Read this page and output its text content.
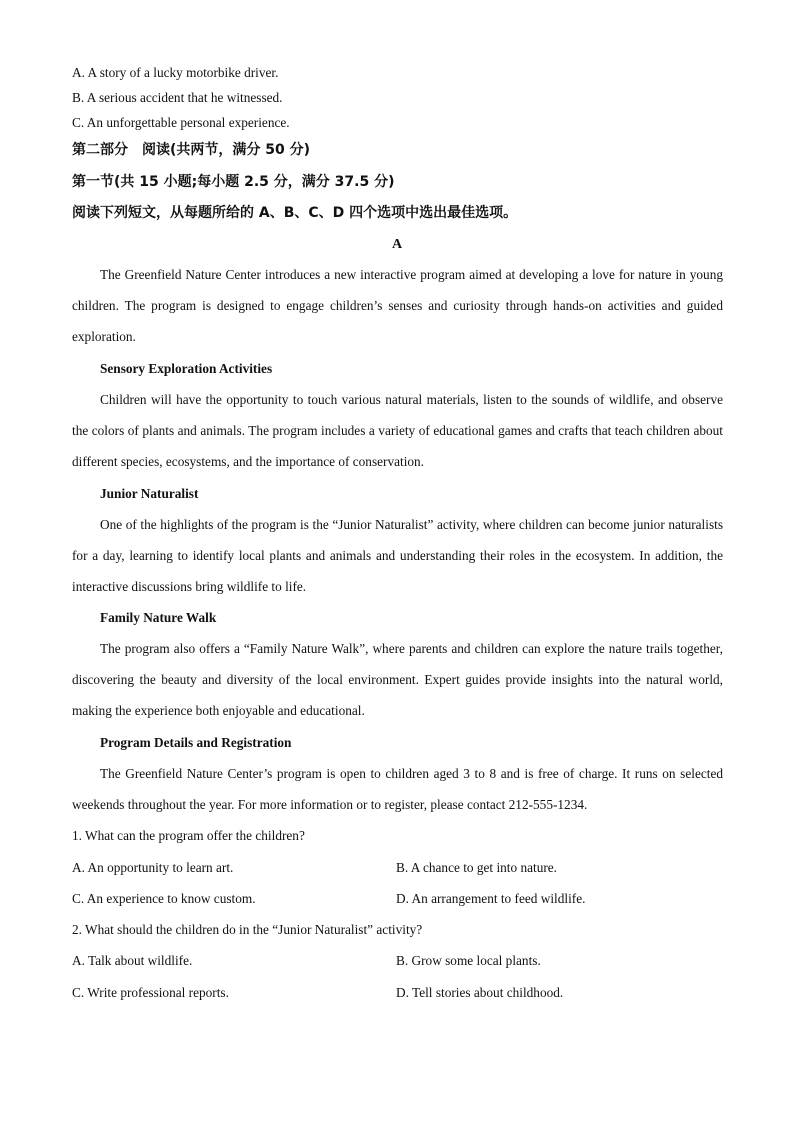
A. A story of a lucky motorbike driver.

B. A serious accident that he witnessed.

C. An unforgettable personal experience.

第二部分　阅读(共两节，满分 50 分)

第一节(共 15 小题;每小题 2.5 分，满分 37.5 分)

阅读下列短文，从每题所给的 A、B、C、D 四个选项中选出最佳选项。

A

The Greenfield Nature Center introduces a new interactive program aimed at developing a love for nature in young children. The program is designed to engage children’s senses and curiosity through hands-on activities and guided exploration.

Sensory Exploration Activities

Children will have the opportunity to touch various natural materials, listen to the sounds of wildlife, and observe the colors of plants and animals. The program includes a variety of educational games and crafts that teach children about different species, ecosystems, and the importance of conservation.

Junior Naturalist

One of the highlights of the program is the “Junior Naturalist” activity, where children can become junior naturalists for a day, learning to identify local plants and animals and understanding their roles in the ecosystem. In addition, the interactive discussions bring wildlife to life.

Family Nature Walk

The program also offers a “Family Nature Walk”, where parents and children can explore the nature trails together, discovering the beauty and diversity of the local environment. Expert guides provide insights into the natural world, making the experience both enjoyable and educational.

Program Details and Registration

The Greenfield Nature Center’s program is open to children aged 3 to 8 and is free of charge. It runs on selected weekends throughout the year. For more information or to register, please contact 212-555-1234.

1. What can the program offer the children?

A. An opportunity to learn art.	B. A chance to get into nature.

C. An experience to know custom.	D. An arrangement to feed wildlife.

2. What should the children do in the “Junior Naturalist” activity?

A. Talk about wildlife.	B. Grow some local plants.

C. Write professional reports.	D. Tell stories about childhood.
